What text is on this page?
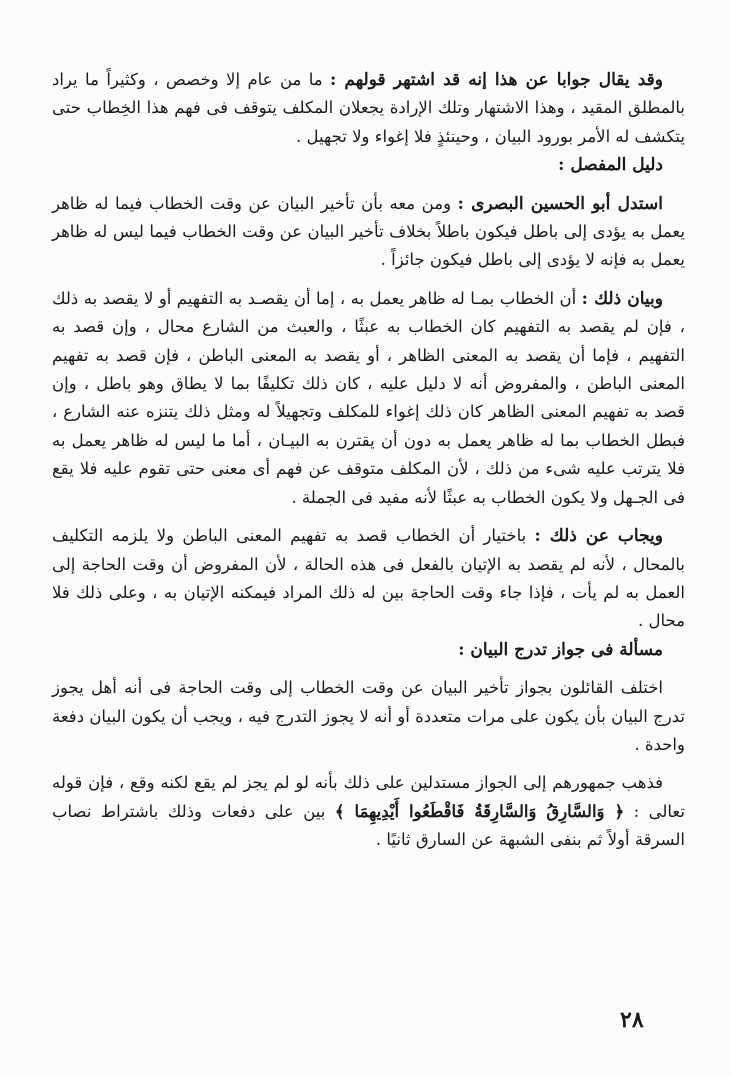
وقد يقال جوابا عن هذا إنه قد اشتهر قولهم : ما من عام إلا وخصص ، وكثيراً ما يراد بالمطلق المقيد ، وهذا الاشتهار وتلك الإرادة يجعلان المكلف يتوقف فى فهم هذا الخِطاب حتى يتكشف له الأمر بورود البيان ، وحينئذٍ فلا إغواء ولا تجهيل .

دليل المفصل :

استدل أبو الحسين البصرى : ومن معه بأن تأخير البيان عن وقت الخطاب فيما له ظاهر يعمل به يؤدى إلى باطل فيكون باطلاً بخلاف تأخير البيان عن وقت الخطاب فيما ليس له ظاهر يعمل به فإنه لا يؤدى إلى باطل فيكون جائزاً .

وبيان ذلك : أن الخطاب بمـا له ظاهر يعمل به ، إما أن يقصـد به التفهيم أو لا يقصد به ذلك ، فإن لم يقصد به التفهيم كان الخطاب به عبثًا ، والعبث من الشارع محال ، وإن قصد به التفهيم ، فإما أن يقصد به المعنى الظاهر ، أو يقصد به المعنى الباطن ، فإن قصد به تفهيم المعنى الباطن ، والمفروض أنه لا دليل عليه ، كان ذلك تكليفًا بما لا يطاق وهو باطل ، وإن قصد به تفهيم المعنى الظاهر كان ذلك إغواء للمكلف وتجهيلاً له ومثل ذلك يتنزه عنه الشارع ، فبطل الخطاب بما له ظاهر يعمل به دون أن يقترن به البيـان ، أما ما ليس له ظاهر يعمل به فلا يترتب عليه شىء من ذلك ، لأن المكلف متوقف عن فهم أى معنى حتى تقوم عليه فلا يقع فى الجـهل ولا يكون الخطاب به عبثًا لأنه مفيد فى الجملة .

ويجاب عن ذلك : باختيار أن الخطاب قصد به تفهيم المعنى الباطن ولا يلزمه التكليف بالمحال ، لأنه لم يقصد به الإتيان بالفعل فى هذه الحالة ، لأن المفروض أن وقت الحاجة إلى العمل به لم يأت ، فإذا جاء وقت الحاجة بين له ذلك المراد فيمكنه الإتيان به ، وعلى ذلك فلا محال .

مسألة فى جواز تدرج البيان :

اختلف القائلون بجواز تأخير البيان عن وقت الخطاب إلى وقت الحاجة فى أنه أهل يجوز تدرج البيان بأن يكون على مرات متعددة أو أنه لا يجوز التدرج فيه ، ويجب أن يكون البيان دفعة واحدة .

فذهب جمهورهم إلى الجواز مستدلين على ذلك بأنه لو لم يجز لم يقع لكنه وقع ، فإن قوله تعالى : ﴿ وَالسَّارِقُ وَالسَّارِقَةُ فَاقْطَعُوا أَيْدِيهِمَا ﴾ بين على دفعات وذلك باشتراط نصاب السرقة أولاً ثم بنفى الشبهة عن السارق ثانيًا .

٢٨
